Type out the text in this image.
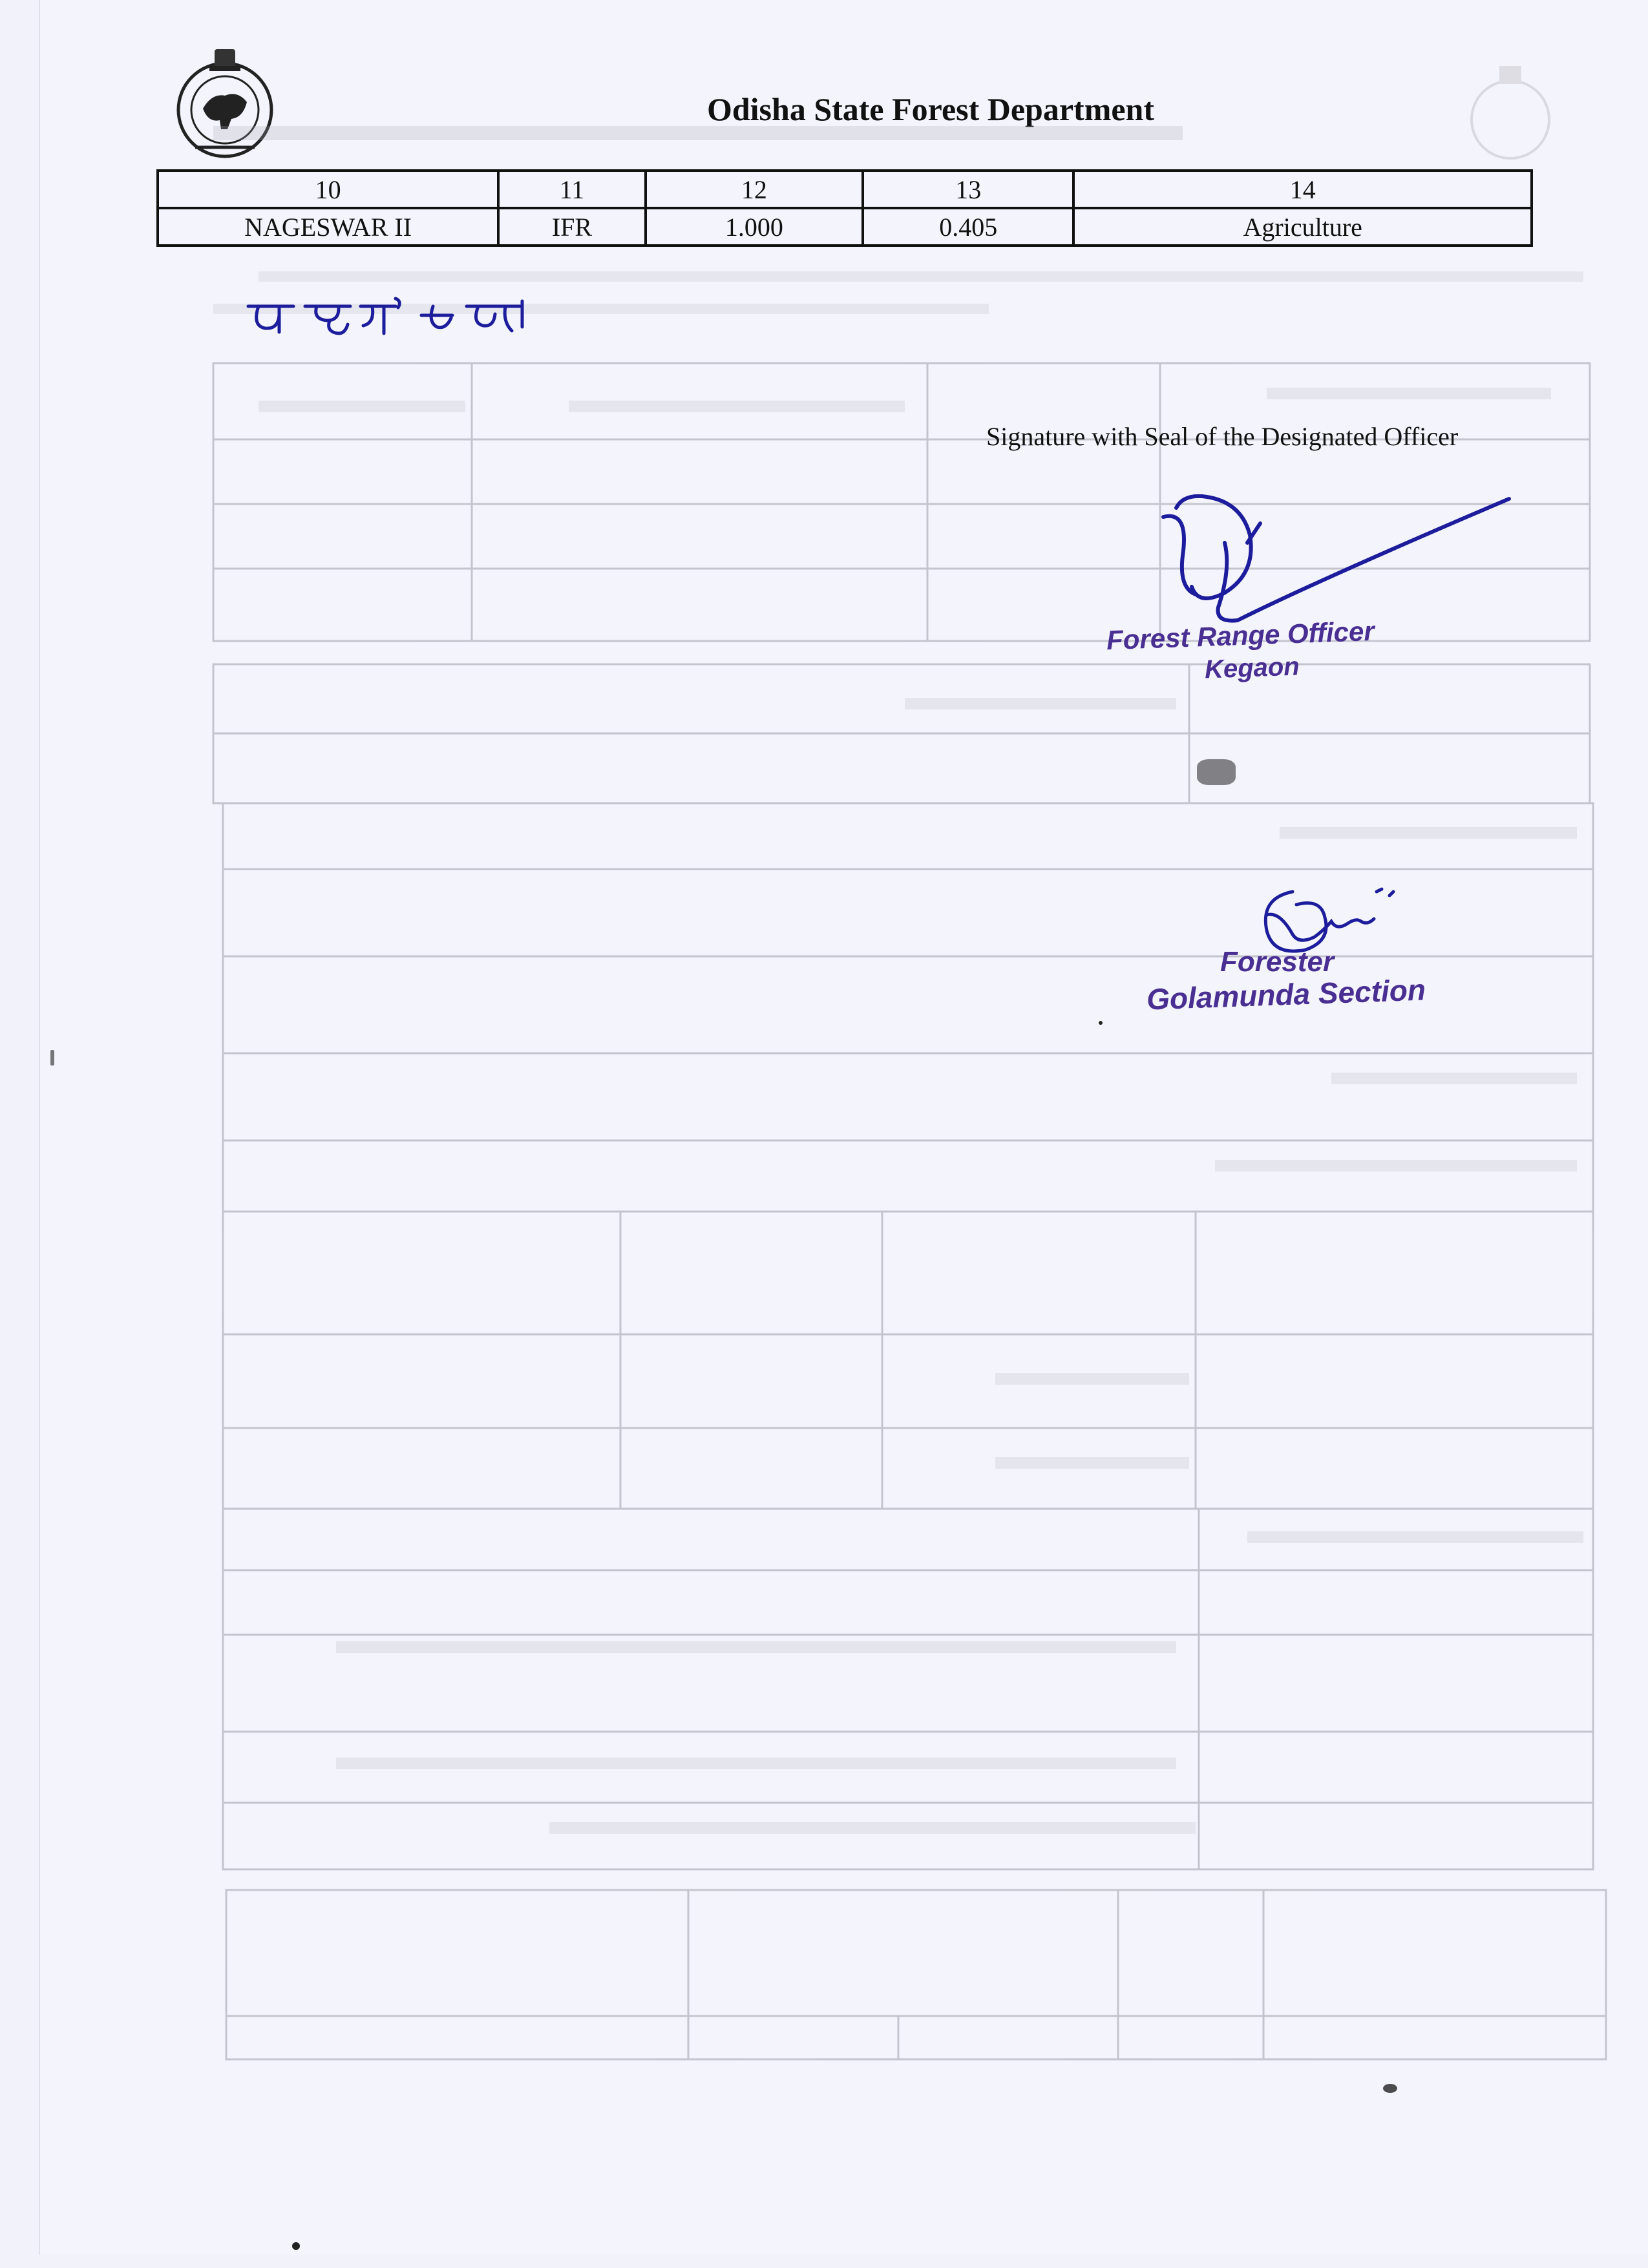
Odisha State Forest Department
10	11	12	13	14
NAGESWAR II	IFR	1.000	0.405	Agriculture
Signature with Seal of the Designated Officer
Forest Range Officer
Kegaon
Forester
Golamunda Section
